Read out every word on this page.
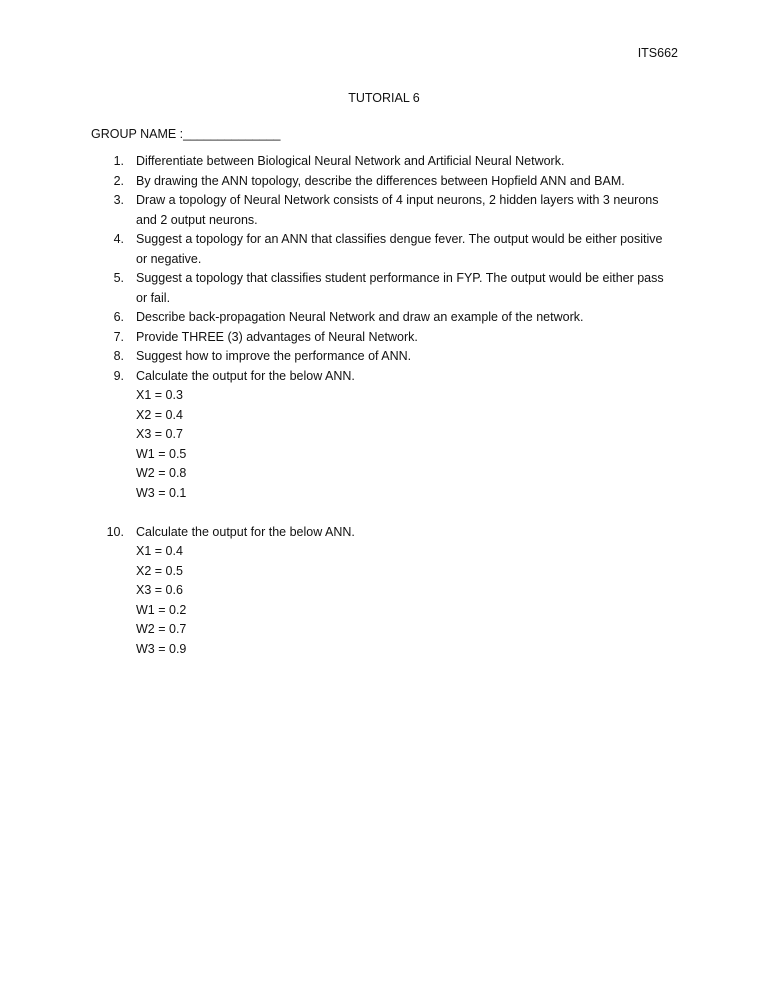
ITS662
TUTORIAL 6
GROUP NAME :______________
1. Differentiate between Biological Neural Network and Artificial Neural Network.
2. By drawing the ANN topology, describe the differences between Hopfield ANN and BAM.
3. Draw a topology of Neural Network consists of 4 input neurons, 2 hidden layers with 3 neurons
and 2 output neurons.
4. Suggest a topology for an ANN that classifies dengue fever. The output would be either positive
or negative.
5. Suggest a topology that classifies student performance in FYP. The output would be either pass
or fail.
6. Describe back-propagation Neural Network and draw an example of the network.
7. Provide THREE (3) advantages of Neural Network.
8. Suggest how to improve the performance of ANN.
9. Calculate the output for the below ANN.
X1 = 0.3
X2 = 0.4
X3 = 0.7
W1 = 0.5
W2 = 0.8
W3 = 0.1
10. Calculate the output for the below ANN.
X1 = 0.4
X2 = 0.5
X3 = 0.6
W1 = 0.2
W2 = 0.7
W3 = 0.9
